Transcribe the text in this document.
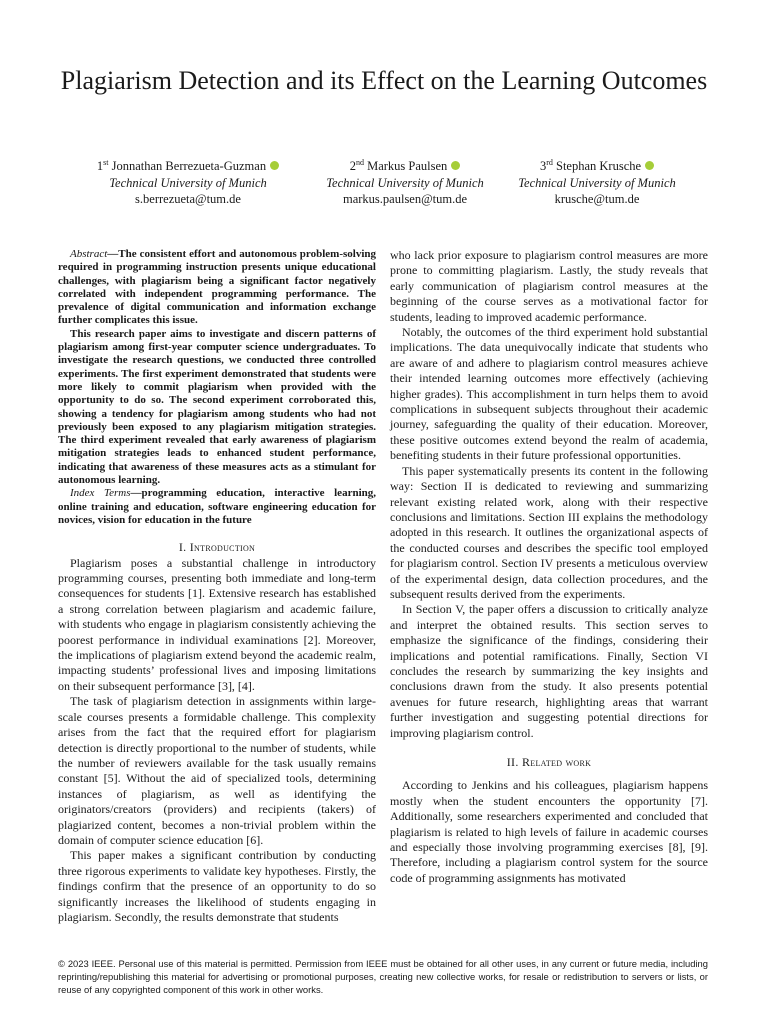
Plagiarism Detection and its Effect on the Learning Outcomes
1st Jonnathan Berrezueta-Guzman
Technical University of Munich
s.berrezueta@tum.de
2nd Markus Paulsen
Technical University of Munich
markus.paulsen@tum.de
3rd Stephan Krusche
Technical University of Munich
krusche@tum.de

Abstract—The consistent effort and autonomous problem-solving required in programming instruction presents unique educational challenges, with plagiarism being a significant factor negatively correlated with independent programming performance. The prevalence of digital communication and information exchange further complicates this issue.

This research paper aims to investigate and discern patterns of plagiarism among first-year computer science undergraduates. To investigate the research questions, we conducted three controlled experiments. The first experiment demonstrated that students were more likely to commit plagiarism when provided with the opportunity to do so. The second experiment corroborated this, showing a tendency for plagiarism among students who had not previously been exposed to any plagiarism mitigation strategies. The third experiment revealed that early awareness of plagiarism mitigation strategies leads to enhanced student performance, indicating that awareness of these measures acts as a stimulant for autonomous learning.

Index Terms—programming education, interactive learning, online training and education, software engineering education for novices, vision for education in the future

I. Introduction

Plagiarism poses a substantial challenge in introductory programming courses, presenting both immediate and long-term consequences for students [1]. Extensive research has established a strong correlation between plagiarism and academic failure, with students who engage in plagiarism consistently achieving the poorest performance in individual examinations [2]. Moreover, the implications of plagiarism extend beyond the academic realm, impacting students’ professional lives and imposing limitations on their subsequent performance [3], [4].

The task of plagiarism detection in assignments within large-scale courses presents a formidable challenge. This complexity arises from the fact that the required effort for plagiarism detection is directly proportional to the number of students, while the number of reviewers available for the task usually remains constant [5]. Without the aid of specialized tools, determining instances of plagiarism, as well as identifying the originators/creators (providers) and recipients (takers) of plagiarized content, becomes a non-trivial problem within the domain of computer science education [6].

This paper makes a significant contribution by conducting three rigorous experiments to validate key hypotheses. Firstly, the findings confirm that the presence of an opportunity to do so significantly increases the likelihood of students engaging in plagiarism. Secondly, the results demonstrate that students

who lack prior exposure to plagiarism control measures are more prone to committing plagiarism. Lastly, the study reveals that early communication of plagiarism control measures at the beginning of the course serves as a motivational factor for students, leading to improved academic performance.

Notably, the outcomes of the third experiment hold substantial implications. The data unequivocally indicate that students who are aware of and adhere to plagiarism control measures achieve their intended learning outcomes more effectively (achieving higher grades). This accomplishment in turn helps them to avoid complications in subsequent subjects throughout their academic journey, safeguarding the quality of their education. Moreover, these positive outcomes extend beyond the realm of academia, benefiting students in their future professional opportunities.

This paper systematically presents its content in the following way: Section II is dedicated to reviewing and summarizing relevant existing related work, along with their respective conclusions and limitations. Section III explains the methodology adopted in this research. It outlines the organizational aspects of the conducted courses and describes the specific tool employed for plagiarism control. Section IV presents a meticulous overview of the experimental design, data collection procedures, and the subsequent results derived from the experiments.

In Section V, the paper offers a discussion to critically analyze and interpret the obtained results. This section serves to emphasize the significance of the findings, considering their implications and potential ramifications. Finally, Section VI concludes the research by summarizing the key insights and conclusions drawn from the study. It also presents potential avenues for future research, highlighting areas that warrant further investigation and suggesting potential directions for improving plagiarism control.

II. Related work

According to Jenkins and his colleagues, plagiarism happens mostly when the student encounters the opportunity [7]. Additionally, some researchers experimented and concluded that plagiarism is related to high levels of failure in academic courses and especially those involving programming exercises [8], [9]. Therefore, including a plagiarism control system for the source code of programming assignments has motivated

© 2023 IEEE. Personal use of this material is permitted. Permission from IEEE must be obtained for all other uses, in any current or future media, including reprinting/republishing this material for advertising or promotional purposes, creating new collective works, for resale or redistribution to servers or lists, or reuse of any copyrighted component of this work in other works.
